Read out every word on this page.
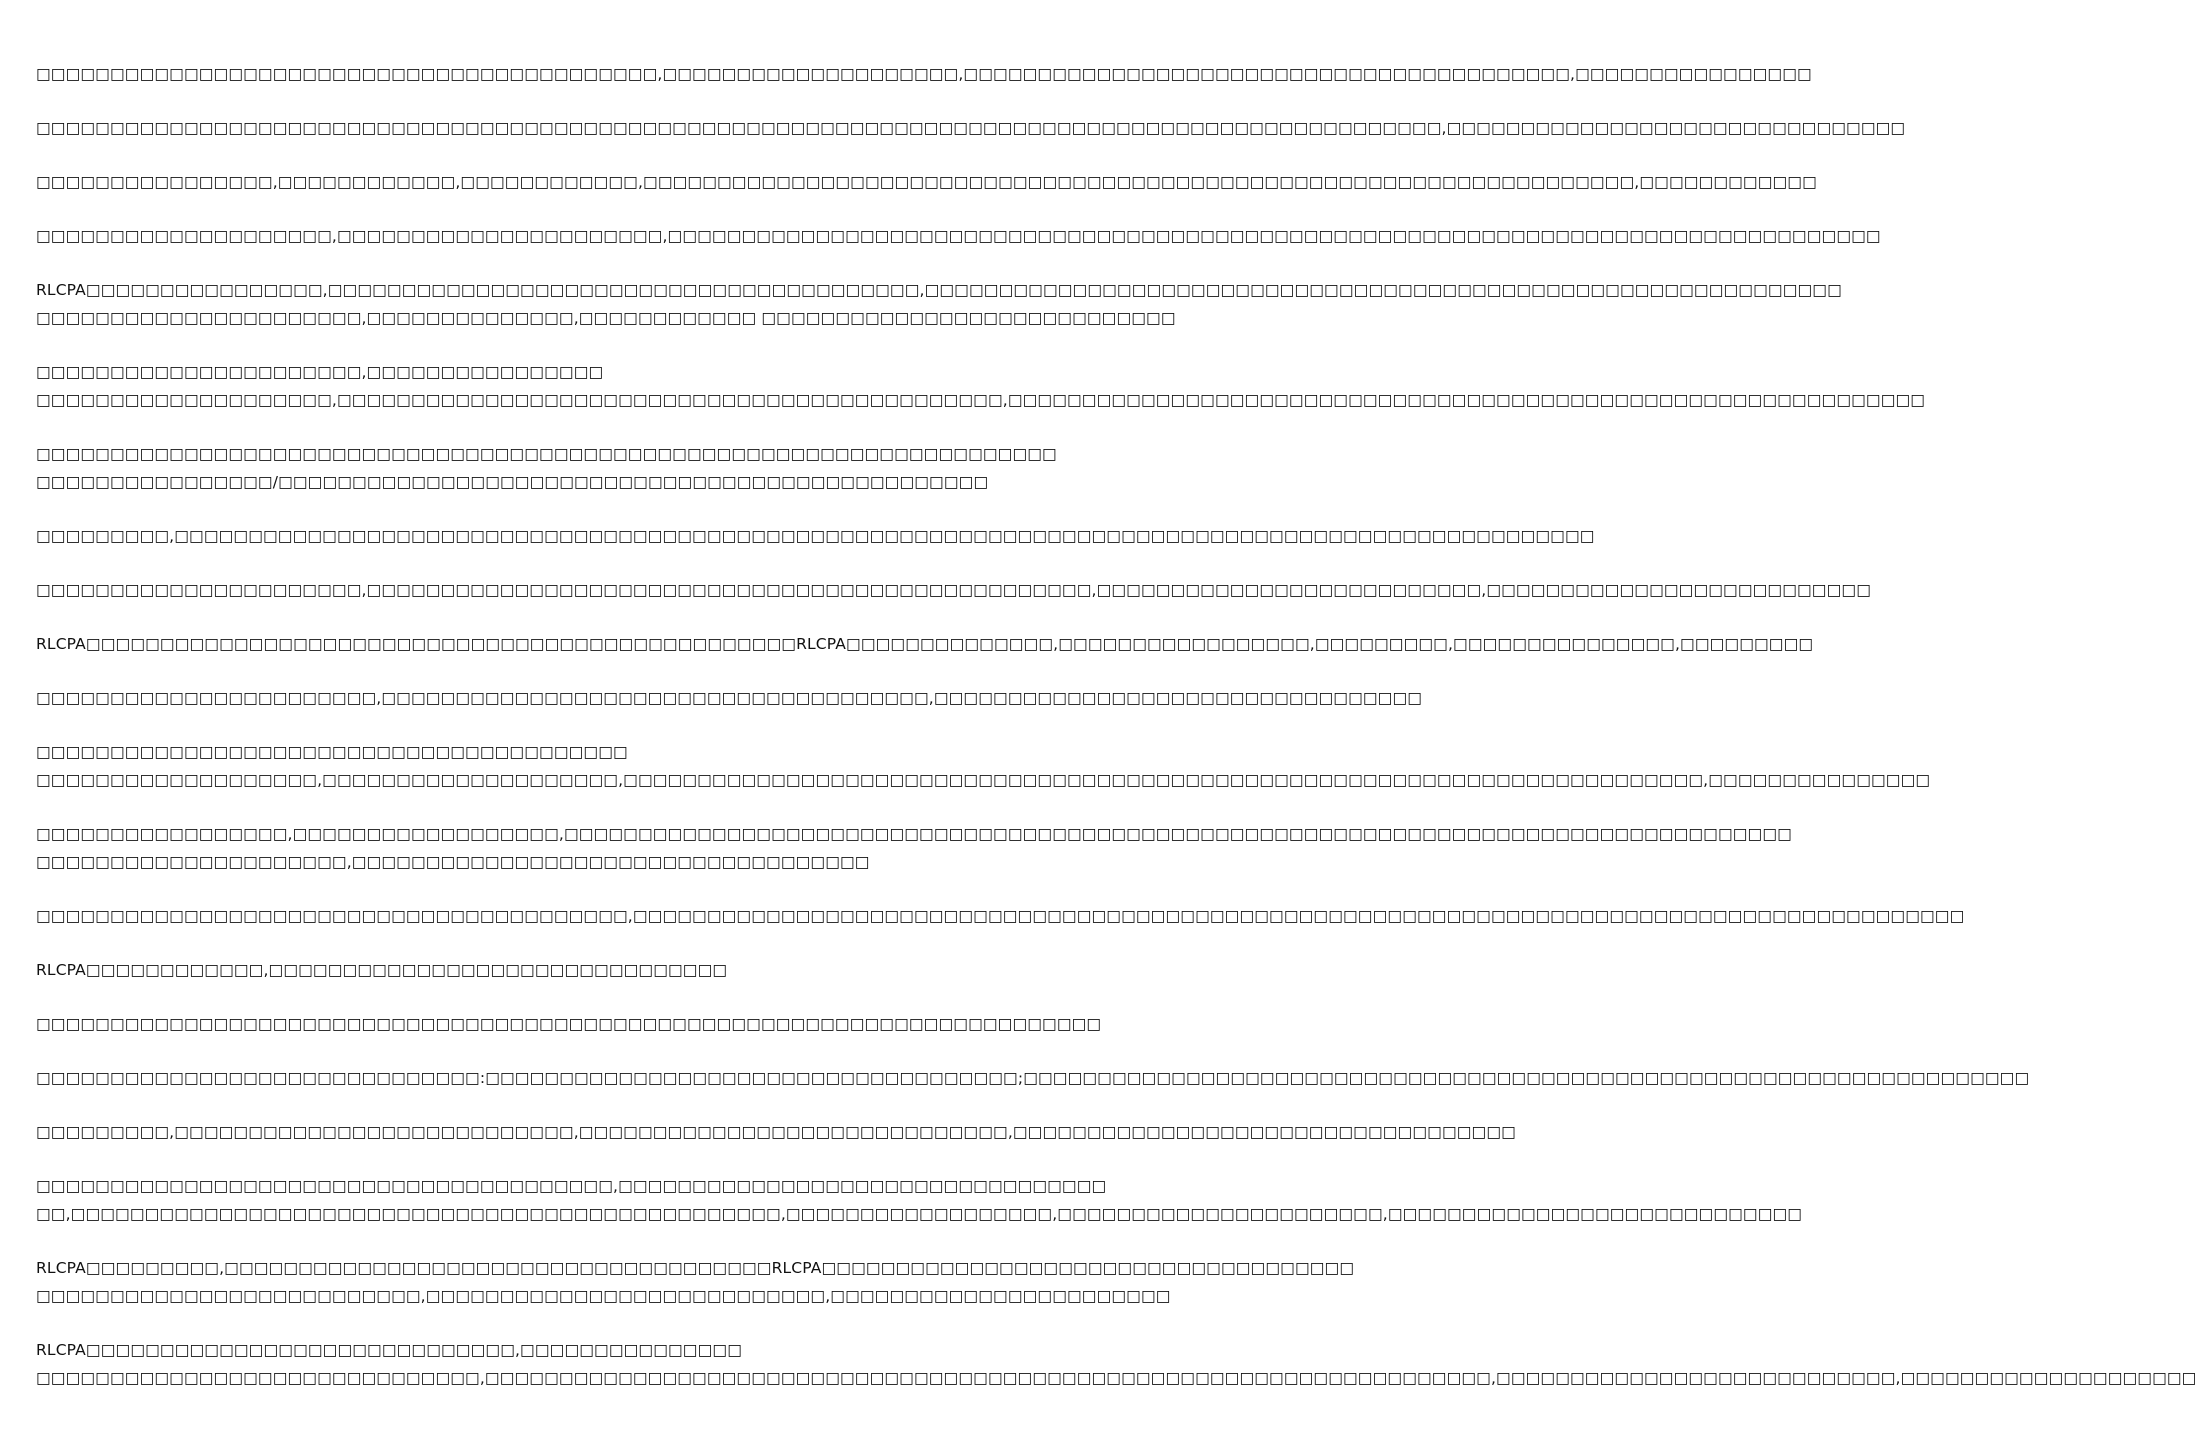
□□□□□□□□□□□□□□□□□□□□□□□□□□□□□□□□□□□□□□□□□□,□□□□□□□□□□□□□□□□□□□□,□□□□□□□□□□□□□□□□□□□□□□□□□□□□□□□□□□□□□□□□□,□□□□□□□□□□□□□□□□
□□□□□□□□□□□□□□□□□□□□□□□□□□□□□□□□□□□□□□□□□□□□□□□□□□□□□□□□□□□□□□□□□□□□□□□□□□□□□□□□□□□□□□□□□□□□□□□,□□□□□□□□□□□□□□□□□□□□□□□□□□□□□□□
□□□□□□□□□□□□□□□□,□□□□□□□□□□□□,□□□□□□□□□□□□,□□□□□□□□□□□□□□□□□□□□□□□□□□□□□□□□□□□□□□□□□□□□□□□□□□□□□□□□□□□□□□□□□□□,□□□□□□□□□□□□
□□□□□□□□□□□□□□□□□□□□,□□□□□□□□□□□□□□□□□□□□□□,□□□□□□□□□□□□□□□□□□□□□□□□□□□□□□□□□□□□□□□□□□□□□□□□□□□□□□□□□□□□□□□□□□□□□□□□□□□□□□□□□□
RLCPA□□□□□□□□□□□□□□□□,□□□□□□□□□□□□□□□□□□□□□□□□□□□□□□□□□□□□□□□□,□□□□□□□□□□□□□□□□□□□□□□□□□□□□□□□□□□□□□□□□□□□□□□□□□□□□□□□□□□□□□□
□□□□□□□□□□□□□□□□□□□□□□,□□□□□□□□□□□□□□,□□□□□□□□□□□□ □□□□□□□□□□□□□□□□□□□□□□□□□□□□
□□□□□□□□□□□□□□□□□□□□□□,□□□□□□□□□□□□□□□□
□□□□□□□□□□□□□□□□□□□□,□□□□□□□□□□□□□□□□□□□□□□□□□□□□□□□□□□□□□□□□□□□□□,□□□□□□□□□□□□□□□□□□□□□□□□□□□□□□□□□□□□□□□□□□□□□□□□□□□□□□□□□□□□□□
□□□□□□□□□□□□□□□□□□□□□□□□□□□□□□□□□□□□□□□□□□□□□□□□□□□□□□□□□□□□□□□□□□□□□
□□□□□□□□□□□□□□□□/□□□□□□□□□□□□□□□□□□□□□□□□□□□□□□□□□□□□□□□□□□□□□□□□
□□□□□□□□□,□□□□□□□□□□□□□□□□□□□□□□□□□□□□□□□□□□□□□□□□□□□□□□□□□□□□□□□□□□□□□□□□□□□□□□□□□□□□□□□□□□□□□□□□□□□□□□□□
□□□□□□□□□□□□□□□□□□□□□□,□□□□□□□□□□□□□□□□□□□□□□□□□□□□□□□□□□□□□□□□□□□□□□□□□,□□□□□□□□□□□□□□□□□□□□□□□□□□,□□□□□□□□□□□□□□□□□□□□□□□□□□
RLCPA□□□□□□□□□□□□□□□□□□□□□□□□□□□□□□□□□□□□□□□□□□□□□□□□RLCPA□□□□□□□□□□□□□□,□□□□□□□□□□□□□□□□□,□□□□□□□□□,□□□□□□□□□□□□□□□,□□□□□□□□□
□□□□□□□□□□□□□□□□□□□□□□□,□□□□□□□□□□□□□□□□□□□□□□□□□□□□□□□□□□□□□,□□□□□□□□□□□□□□□□□□□□□□□□□□□□□□□□□
□□□□□□□□□□□□□□□□□□□□□□□□□□□□□□□□□□□□□□□□
□□□□□□□□□□□□□□□□□□□,□□□□□□□□□□□□□□□□□□□□,□□□□□□□□□□□□□□□□□□□□□□□□□□□□□□□□□□□□□□□□□□□□□□□□□□□□□□□□□□□□□□□□□□□□□□□□□,□□□□□□□□□□□□□□□
□□□□□□□□□□□□□□□□□,□□□□□□□□□□□□□□□□□□,□□□□□□□□□□□□□□□□□□□□□□□□□□□□□□□□□□□□□□□□□□□□□□□□□□□□□□□□□□□□□□□□□□□□□□□□□□□□□□□□□□□
□□□□□□□□□□□□□□□□□□□□□,□□□□□□□□□□□□□□□□□□□□□□□□□□□□□□□□□□□
□□□□□□□□□□□□□□□□□□□□□□□□□□□□□□□□□□□□□□□□,□□□□□□□□□□□□□□□□□□□□□□□□□□□□□□□□□□□□□□□□□□□□□□□□□□□□□□□□□□□□□□□□□□□□□□□□□□□□□□□□□□□□□□□□□□
RLCPA□□□□□□□□□□□□,□□□□□□□□□□□□□□□□□□□□□□□□□□□□□□□
□□□□□□□□□□□□□□□□□□□□□□□□□□□□□□□□□□□□□□□□□□□□□□□□□□□□□□□□□□□□□□□□□□□□□□□□
□□□□□□□□□□□□□□□□□□□□□□□□□□□□□□:□□□□□□□□□□□□□□□□□□□□□□□□□□□□□□□□□□□□;□□□□□□□□□□□□□□□□□□□□□□□□□□□□□□□□□□□□□□□□□□□□□□□□□□□□□□□□□□□□□□□□□□□□
□□□□□□□□□,□□□□□□□□□□□□□□□□□□□□□□□□□□□,□□□□□□□□□□□□□□□□□□□□□□□□□□□□□,□□□□□□□□□□□□□□□□□□□□□□□□□□□□□□□□□□
□□□□□□□□□□□□□□□□□□□□□□□□□□□□□□□□□□□□□□□,□□□□□□□□□□□□□□□□□□□□□□□□□□□□□□□□□
□□,□□□□□□□□□□□□□□□□□□□□□□□□□□□□□□□□□□□□□□□□□□□□□□□□,□□□□□□□□□□□□□□□□□□,□□□□□□□□□□□□□□□□□□□□□□,□□□□□□□□□□□□□□□□□□□□□□□□□□□□
RLCPA□□□□□□□□□,□□□□□□□□□□□□□□□□□□□□□□□□□□□□□□□□□□□□□RLCPA□□□□□□□□□□□□□□□□□□□□□□□□□□□□□□□□□□□□
□□□□□□□□□□□□□□□□□□□□□□□□□□,□□□□□□□□□□□□□□□□□□□□□□□□□□□,□□□□□□□□□□□□□□□□□□□□□□□
RLCPA□□□□□□□□□□□□□□□□□□□□□□□□□□□□□,□□□□□□□□□□□□□□□
□□□□□□□□□□□□□□□□□□□□□□□□□□□□□□,□□□□□□□□□□□□□□□□□□□□□□□□□□□□□□□□□□□□□□□□□□□□□□□□□□□□□□□□□□□□□□□□□□□□,□□□□□□□□□□□□□□□□□□□□□□□□□□□,□□□□□□□□□□□□□□□□□□□□
